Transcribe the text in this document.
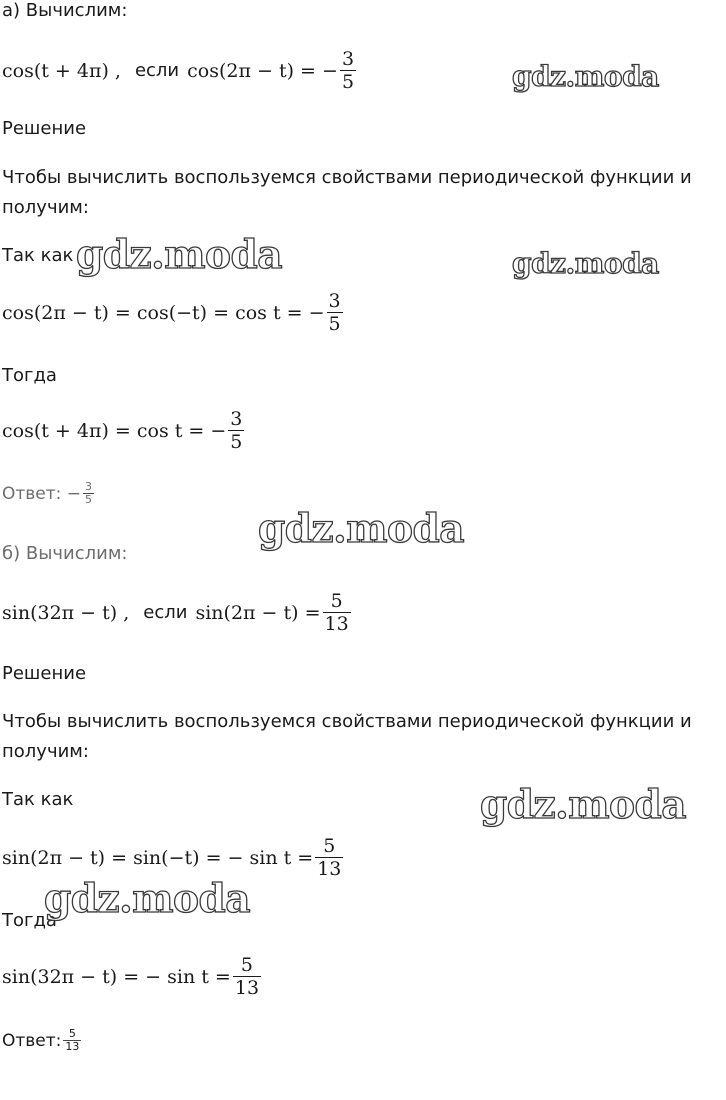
а) Вычислим:
cos(t + 4π) , если cos(2π − t) = − $\frac{3}{5}$
Решение
Чтобы вычислить воспользуемся свойствами периодической функции и
получим:
Так как
cos(2π − t) = cos(−t) = cos t = − $\frac{3}{5}$
Тогда
cos(t + 4π) = cos t = − $\frac{3}{5}$
Ответ: − $\frac{3}{5}$
б) Вычислим:
sin(32π − t) , если $\sin(2\pi - t) = \frac{5}{13}$
Решение
Чтобы вычислить воспользуемся свойствами периодической функции и
получим:
Так как
sin(2π − t) = sin(−t) = − $\sin t = \frac{5}{13}$
Тогда
sin(32π − t) = − $\sin t = \frac{5}{13}$
Ответ: $\frac{5}{13}$
gdz.moda
gdz.moda	gdz.moda
gdz.moda
gdz.moda
gdz.moda
